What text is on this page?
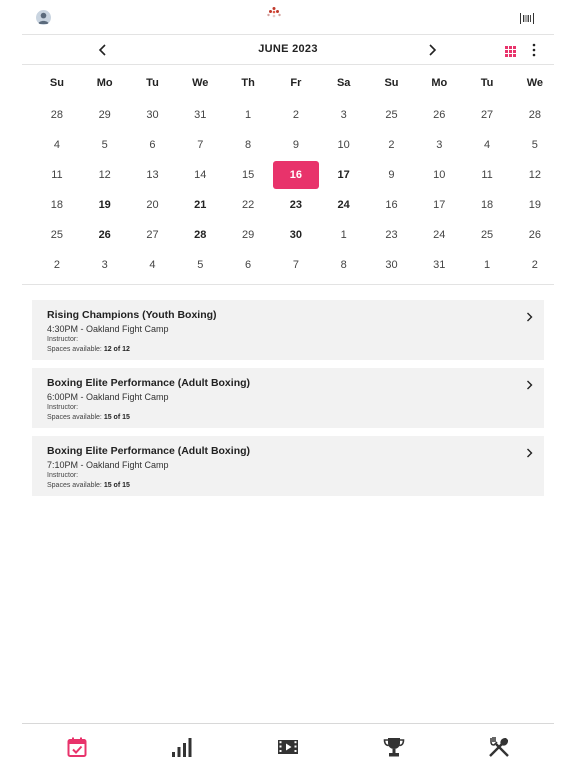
JUNE 2023
Su	Mo	Tu	We	Th	Fr	Sa	Su	Mo	Tu	We
28	29	30	31	1	2	3	25	26	27	28
4	5	6	7	8	9	10	2	3	4	5
11	12	13	14	15	16	17	9	10	11	12
18	19	20	21	22	23	24	16	17	18	19
25	26	27	28	29	30	1	23	24	25	26
2	3	4	5	6	7	8	30	31	1	2
Rising Champions (Youth Boxing)
4:30PM - Oakland Fight Camp
Instructor:
Spaces available: 12 of 12
Boxing Elite Performance (Adult Boxing)
6:00PM - Oakland Fight Camp
Instructor:
Spaces available: 15 of 15
Boxing Elite Performance (Adult Boxing)
7:10PM - Oakland Fight Camp
Instructor:
Spaces available: 15 of 15
